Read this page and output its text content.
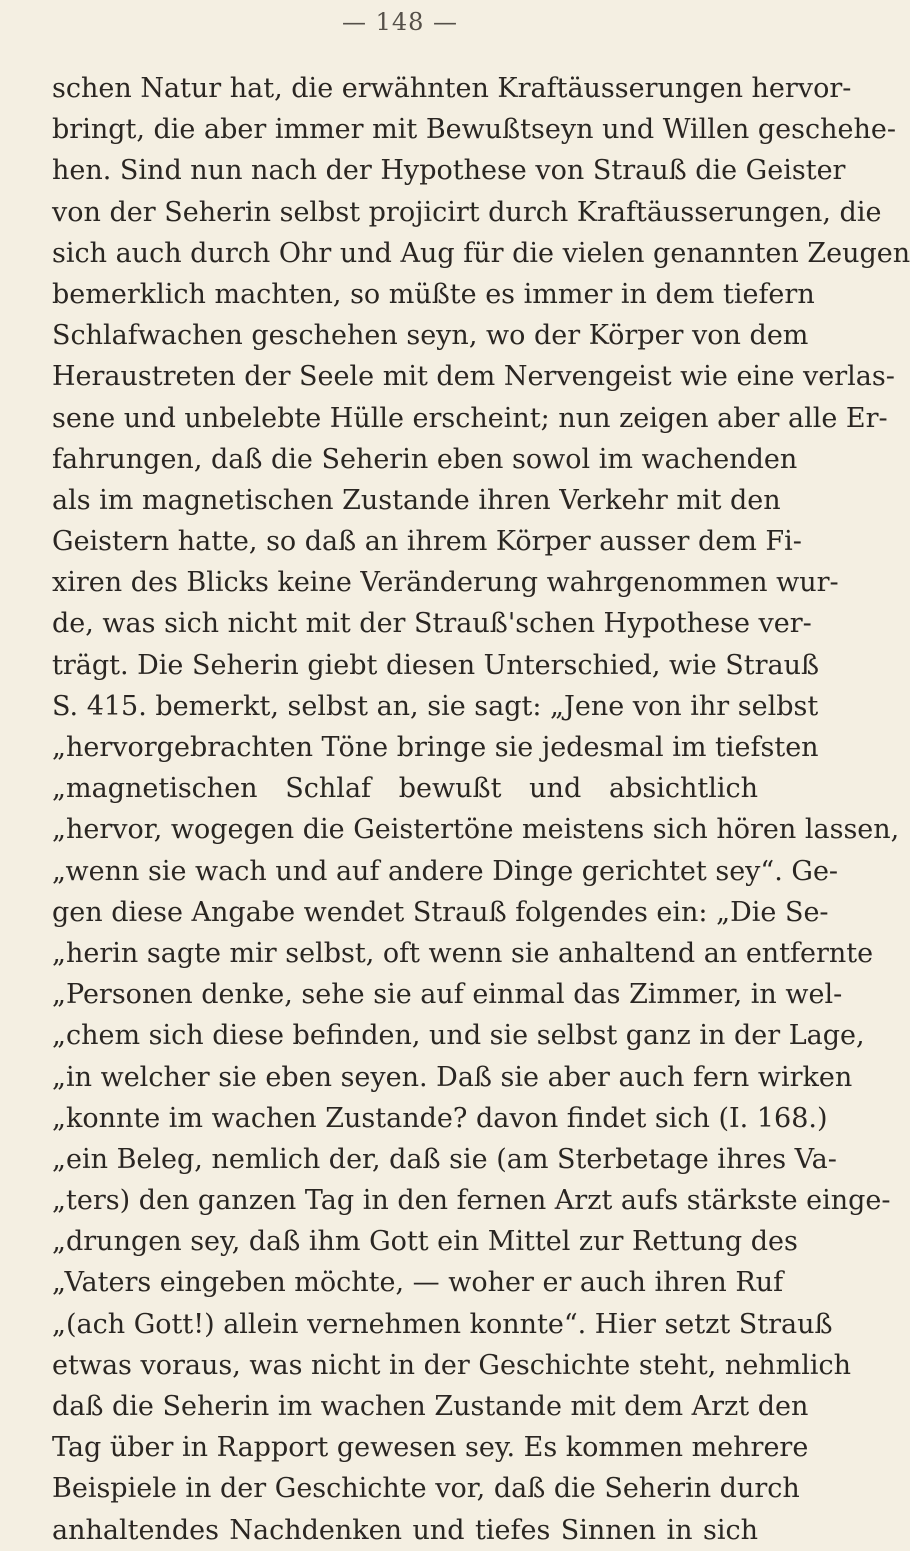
— 148 —
schen Natur hat, die erwähnten Kraftäusserungen hervor-
bringt, die aber immer mit Bewußtseyn und Willen geschehe-
hen. Sind nun nach der Hypothese von Strauß die Geister
von der Seherin selbst projicirt durch Kraftäusserungen, die
sich auch durch Ohr und Aug für die vielen genannten Zeugen
bemerklich machten, so müßte es immer in dem tiefern
Schlafwachen geschehen seyn, wo der Körper von dem
Heraustreten der Seele mit dem Nervengeist wie eine verlas-
sene und unbelebte Hülle erscheint; nun zeigen aber alle Er-
fahrungen, daß die Seherin eben sowol im wachenden
als im magnetischen Zustande ihren Verkehr mit den
Geistern hatte, so daß an ihrem Körper ausser dem Fi-
xiren des Blicks keine Veränderung wahrgenommen wur-
de, was sich nicht mit der Strauß'schen Hypothese ver-
trägt. Die Seherin giebt diesen Unterschied, wie Strauß
S. 415. bemerkt, selbst an, sie sagt: „Jene von ihr selbst
„hervorgebrachten Töne bringe sie jedesmal im tiefsten
„magnetischen Schlaf bewußt und absichtlich
„hervor, wogegen die Geistertöne meistens sich hören lassen,
„wenn sie wach und auf andere Dinge gerichtet sey“. Ge-
gen diese Angabe wendet Strauß folgendes ein: „Die Se-
„herin sagte mir selbst, oft wenn sie anhaltend an entfernte
„Personen denke, sehe sie auf einmal das Zimmer, in wel-
„chem sich diese befinden, und sie selbst ganz in der Lage,
„in welcher sie eben seyen. Daß sie aber auch fern wirken
„konnte im wachen Zustande? davon findet sich (I. 168.)
„ein Beleg, nemlich der, daß sie (am Sterbetage ihres Va-
„ters) den ganzen Tag in den fernen Arzt aufs stärkste einge-
„drungen sey, daß ihm Gott ein Mittel zur Rettung des
„Vaters eingeben möchte, — woher er auch ihren Ruf
„(ach Gott!) allein vernehmen konnte“. Hier setzt Strauß
etwas voraus, was nicht in der Geschichte steht, nehmlich
daß die Seherin im wachen Zustande mit dem Arzt den
Tag über in Rapport gewesen sey. Es kommen mehrere
Beispiele in der Geschichte vor, daß die Seherin durch
anhaltendes Nachdenken und tiefes Sinnen in sich
